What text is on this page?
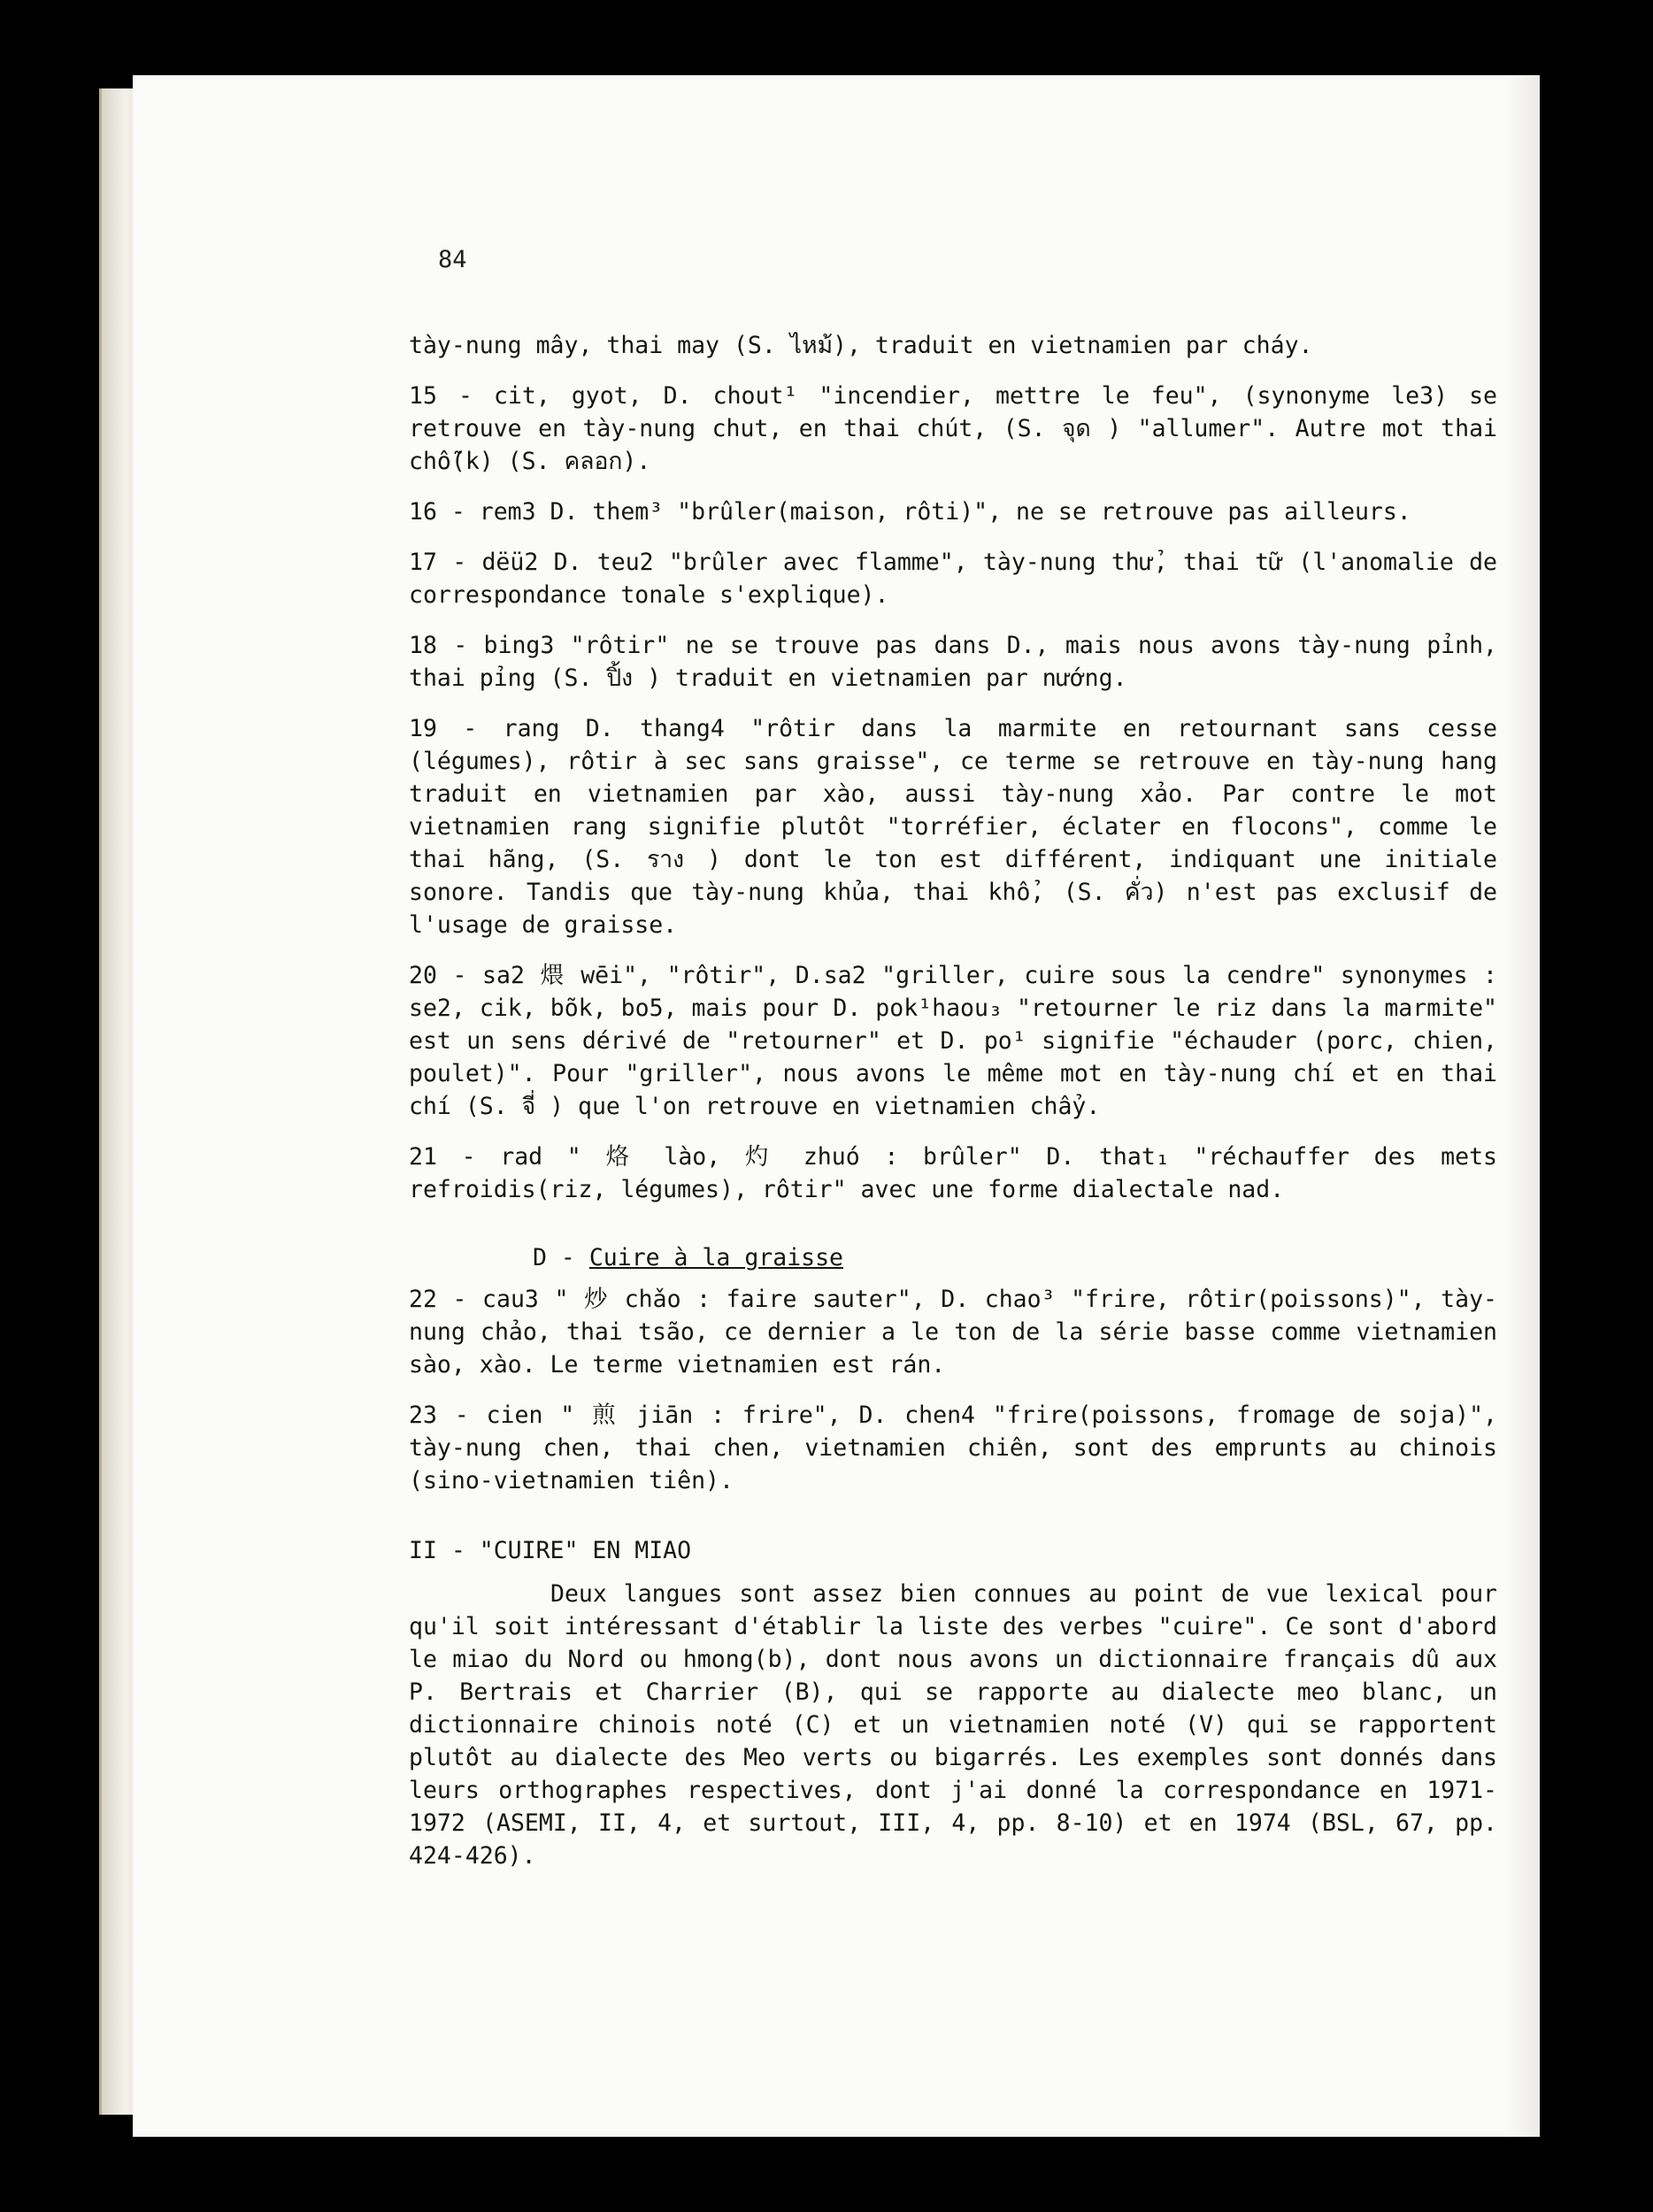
84

tày-nung mây, thai may (S. ไหม้), traduit en vietnamien par cháy.

15 - cit, gyot, D. chout¹ "incendier, mettre le feu", (synonyme le3) se retrouve en tày-nung chut, en thai chút, (S. จุด ) "allumer". Autre mot thai chỗ(k) (S. คลอก).

16 - rem3 D. them³ "brûler(maison, rôti)", ne se retrouve pas ailleurs.

17 - dëü2 D. teu2 "brûler avec flamme", tày-nung thử, thai tữ (l'anomalie de correspondance tonale s'explique).

18 - bing3 "rôtir" ne se trouve pas dans D., mais nous avons tày-nung pỉnh, thai pỉng (S. ปิ้ง ) traduit en vietnamien par nướng.

19 - rang D. thang4 "rôtir dans la marmite en retournant sans cesse (légumes), rôtir à sec sans graisse", ce terme se retrouve en tày-nung hang traduit en vietnamien par xào, aussi tày-nung xảo. Par contre le mot vietnamien rang signifie plutôt "torréfier, éclater en flocons", comme le thai hãng, (S. ราง ) dont le ton est différent, indiquant une initiale sonore. Tandis que tày-nung khủa, thai khổ, (S. คั่ว) n'est pas exclusif de l'usage de graisse.

20 - sa2 煨 wēi", "rôtir", D.sa2 "griller, cuire sous la cendre" synonymes : se2, cik, bõk, bo5, mais pour D. pok¹haou₃ "retourner le riz dans la marmite" est un sens dérivé de "retourner" et D. po¹ signifie "échauder (porc, chien, poulet)". Pour "griller", nous avons le même mot en tày-nung chí et en thai chí (S. จี่ ) que l'on retrouve en vietnamien chẩy.

21 - rad " 烙 lào, 灼 zhuó : brûler" D. that₁ "réchauffer des mets refroidis(riz, légumes), rôtir" avec une forme dialectale nad.

D - Cuire à la graisse

22 - cau3 " 炒 chǎo : faire sauter", D. chao³ "frire, rôtir(poissons)", tày-nung chảo, thai tsão, ce dernier a le ton de la série basse comme vietnamien sào, xào. Le terme vietnamien est rán.

23 - cien " 煎 jiān : frire", D. chen4 "frire(poissons, fromage de soja)", tày-nung chen, thai chen, vietnamien chiên, sont des emprunts au chinois (sino-vietnamien tiên).

II - "CUIRE" EN MIAO

Deux langues sont assez bien connues au point de vue lexical pour qu'il soit intéressant d'établir la liste des verbes "cuire". Ce sont d'abord le miao du Nord ou hmong(b), dont nous avons un dictionnaire français dû aux P. Bertrais et Charrier (B), qui se rapporte au dialecte meo blanc, un dictionnaire chinois noté (C) et un vietnamien noté (V) qui se rapportent plutôt au dialecte des Meo verts ou bigarrés. Les exemples sont donnés dans leurs orthographes respectives, dont j'ai donné la correspondance en 1971-1972 (ASEMI, II, 4, et surtout, III, 4, pp. 8-10) et en 1974 (BSL, 67, pp. 424-426).
